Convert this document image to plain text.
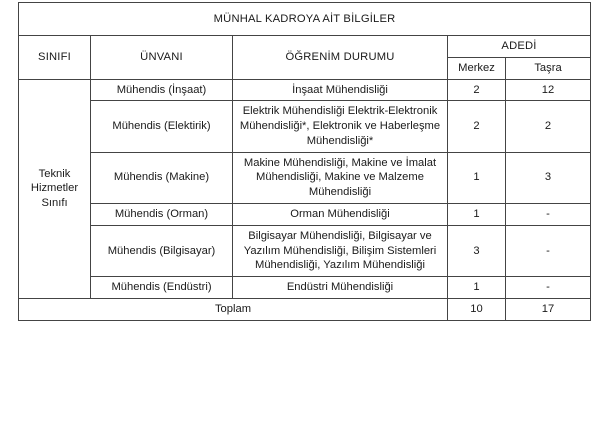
MÜNHAL KADROYA AİT BİLGİLER				
SINIFI	ÜNVANI	ÖĞRENİM DURUMU	ADEDİ	
			Merkez	Taşra
Teknik Hizmetler Sınıfı	Mühendis (İnşaat)	İnşaat Mühendisliği	2	12
	Mühendis (Elektirik)	Elektrik Mühendisliği Elektrik-Elektronik Mühendisliği*, Elektronik ve Haberleşme Mühendisliği*	2	2
	Mühendis (Makine)	Makine Mühendisliği, Makine ve İmalat Mühendisliği, Makine ve Malzeme Mühendisliği	1	3
	Mühendis (Orman)	Orman Mühendisliği	1	-
	Mühendis (Bilgisayar)	Bilgisayar Mühendisliği, Bilgisayar ve Yazılım Mühendisliği, Bilişim Sistemleri Mühendisliği, Yazılım Mühendisliği	3	-
	Mühendis (Endüstri)	Endüstri Mühendisliği	1	-
Toplam			10	17
